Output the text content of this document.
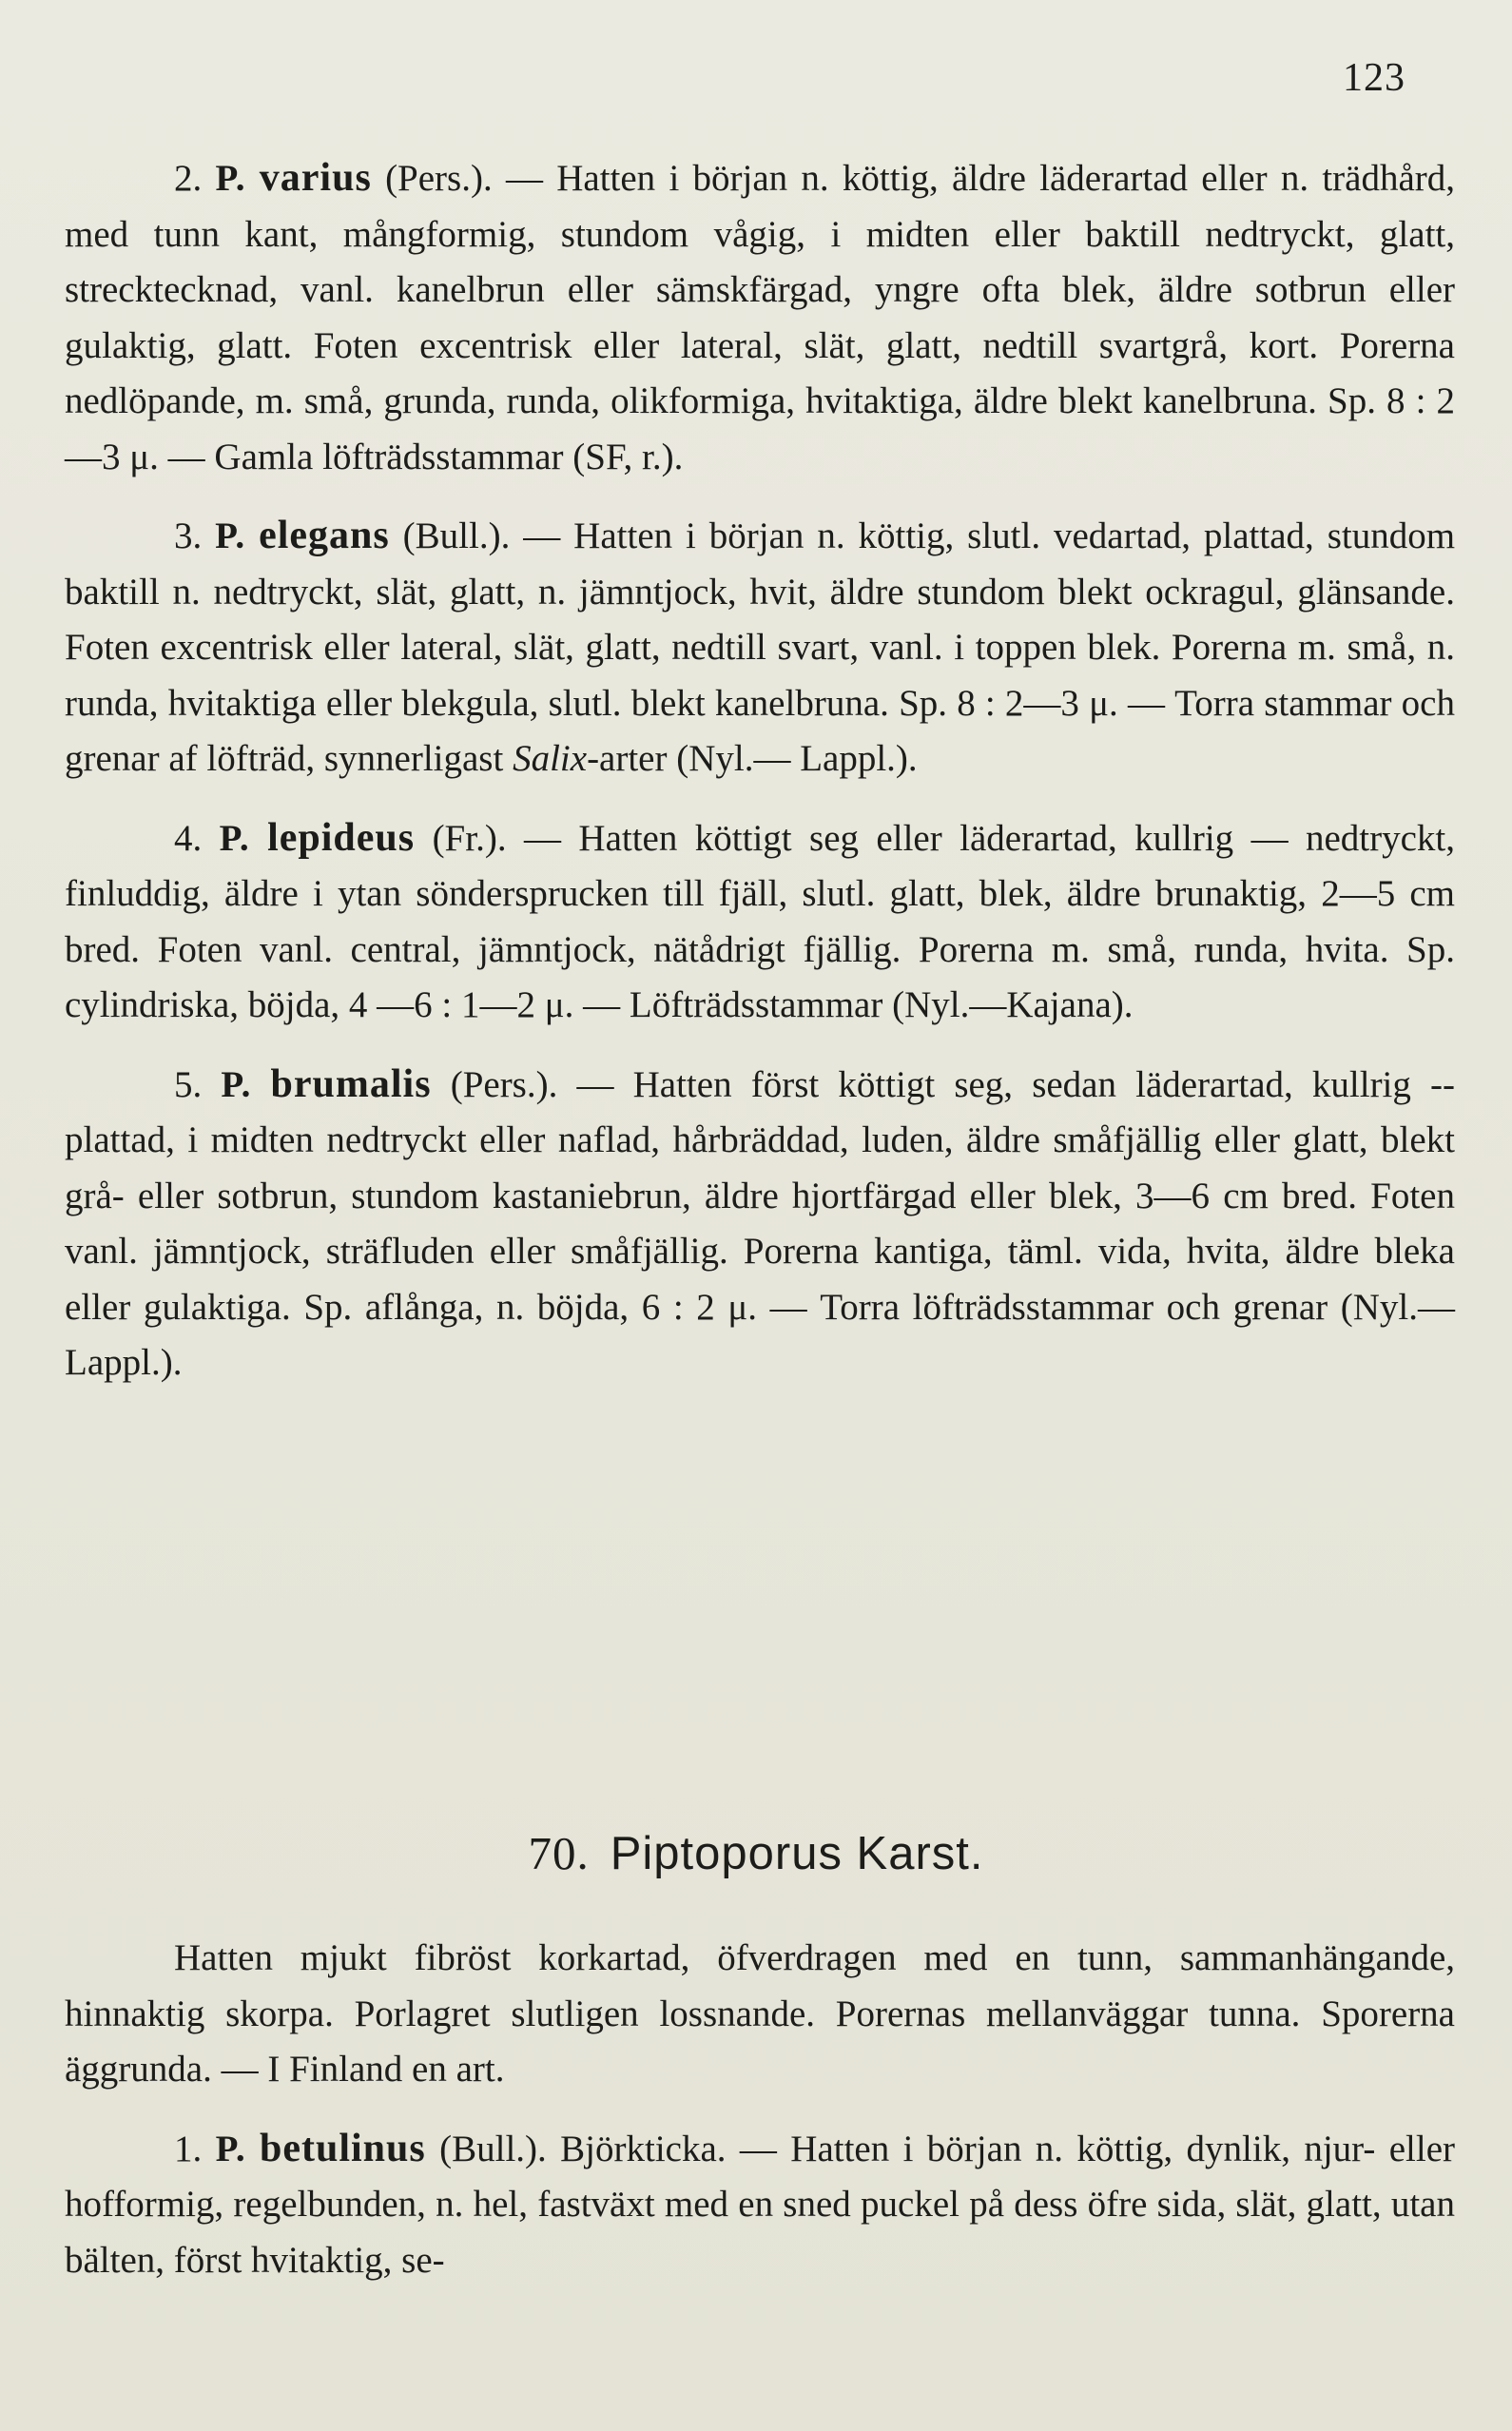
123

2. P. varius (Pers.). — Hatten i början n. köttig, äldre läderartad eller n. trädhård, med tunn kant, mångformig, stundom vågig, i midten eller baktill nedtryckt, glatt, strecktecknad, vanl. kanelbrun eller sämskfärgad, yngre ofta blek, äldre sotbrun eller gulaktig, glatt. Foten excentrisk eller lateral, slät, glatt, nedtill svartgrå, kort. Porerna nedlöpande, m. små, grunda, runda, olikformiga, hvitaktiga, äldre blekt kanelbruna. Sp. 8 : 2—3 μ. — Gamla löfträdsstammar (SF, r.).

3. P. elegans (Bull.). — Hatten i början n. köttig, slutl. vedartad, plattad, stundom baktill n. nedtryckt, slät, glatt, n. jämntjock, hvit, äldre stundom blekt ockragul, glänsande. Foten excentrisk eller lateral, slät, glatt, nedtill svart, vanl. i toppen blek. Porerna m. små, n. runda, hvitaktiga eller blekgula, slutl. blekt kanelbruna. Sp. 8 : 2—3 μ. — Torra stammar och grenar af löfträd, synnerligast Salix-arter (Nyl.— Lappl.).

4. P. lepideus (Fr.). — Hatten köttigt seg eller läderartad, kullrig — nedtryckt, finluddig, äldre i ytan sönderspruckеn till fjäll, slutl. glatt, blek, äldre brunaktig, 2—5 cm bred. Foten vanl. central, jämntjock, nätådrigt fjällig. Porerna m. små, runda, hvita. Sp. cylindriska, böjda, 4 —6 : 1—2 μ. — Löfträdsstammar (Nyl.—Kajana).

5. P. brumalis (Pers.). — Hatten först köttigt seg, sedan läderartad, kullrig -- plattad, i midten nedtryckt eller naflad, hårbräddad, luden, äldre småfjällig eller glatt, blekt grå- eller sotbrun, stundom kastaniebrun, äldre hjortfärgad eller blek, 3—6 cm bred. Foten vanl. jämntjock, sträfluden eller småfjällig. Porerna kantiga, täml. vida, hvita, äldre bleka eller gulaktiga. Sp. aflånga, n. böjda, 6 : 2 μ. — Torra löfträdsstammar och grenar (Nyl.—Lappl.).

70. Piptoporus Karst.

Hatten mjukt fibröst korkartad, öfverdragen med en tunn, sammanhängande, hinnaktig skorpa. Porlagret slutligen lossnande. Porernas mellanväggar tunna. Sporerna äggrunda. — I Finland en art.

1. P. betulinus (Bull.). Björkticka. — Hatten i början n. köttig, dynlik, njur- eller hofformig, regelbunden, n. hel, fastväxt med en sned puckel på dess öfre sida, slät, glatt, utan bälten, först hvitaktig, se-
